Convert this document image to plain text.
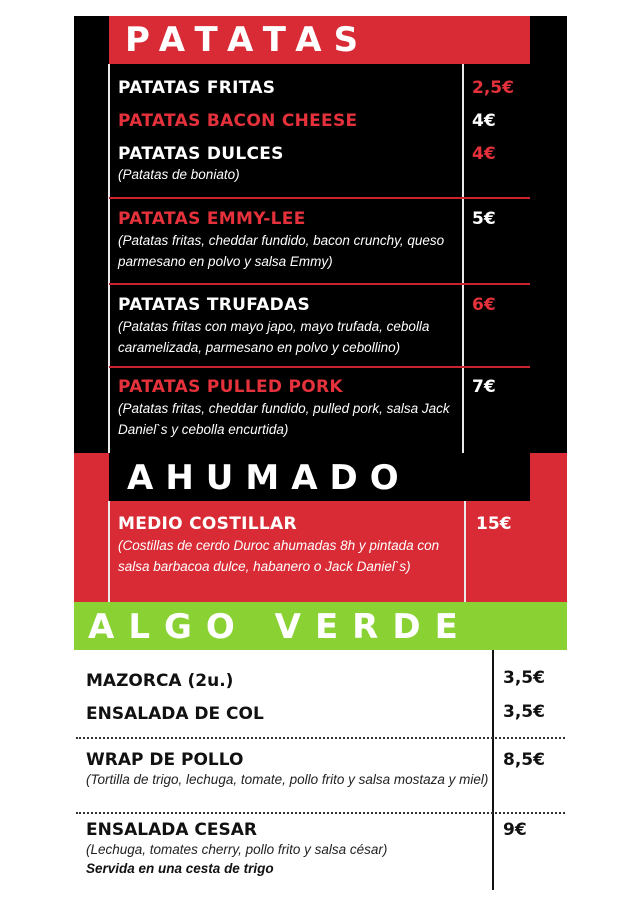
PATATAS
PATATAS FRITAS	2,5€
PATATAS BACON CHEESE	4€
PATATAS DULCES	4€
(Patatas de boniato)
PATATAS EMMY-LEE	5€
(Patatas fritas, cheddar fundido, bacon crunchy, queso parmesano en polvo y salsa Emmy)
PATATAS TRUFADAS	6€
(Patatas fritas con mayo japo, mayo trufada, cebolla caramelizada, parmesano en polvo y cebollino)
PATATAS PULLED PORK	7€
(Patatas fritas, cheddar fundido, pulled pork, salsa Jack Daniel`s y cebolla encurtida)
AHUMADO
MEDIO COSTILLAR	15€
(Costillas de cerdo Duroc ahumadas 8h y pintada con salsa barbacoa dulce, habanero o Jack Daniel`s)
ALGO VERDE
MAZORCA (2u.)	3,5€
ENSALADA DE COL	3,5€
WRAP DE POLLO	8,5€
(Tortilla de trigo, lechuga, tomate, pollo frito y salsa mostaza y miel)
ENSALADA CESAR	9€
(Lechuga, tomates cherry, pollo frito y salsa césar)
Servida en una cesta de trigo
